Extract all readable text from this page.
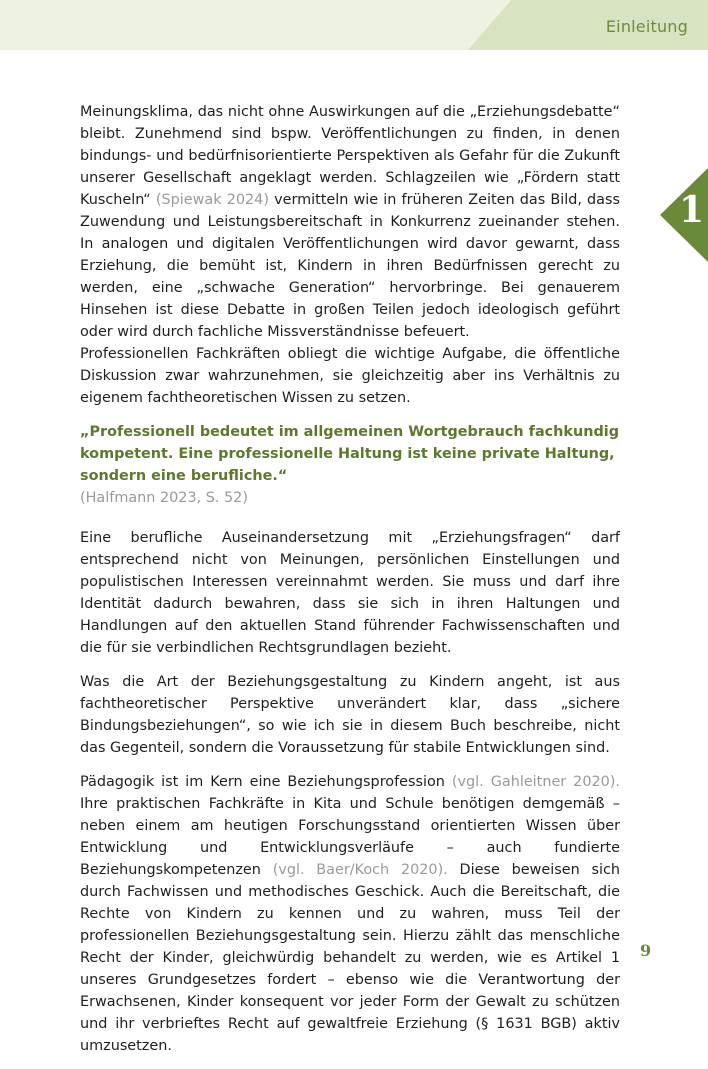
Einleitung
1

Meinungsklima, das nicht ohne Auswirkungen auf die „Erziehungsdebatte“ bleibt. Zunehmend sind bspw. Veröffentlichungen zu finden, in denen bindungs- und bedürfnisorientierte Perspektiven als Gefahr für die Zukunft unserer Gesellschaft angeklagt werden. Schlagzeilen wie „Fördern statt Kuscheln“ (Spiewak 2024) vermitteln wie in früheren Zeiten das Bild, dass Zuwendung und Leistungsbereitschaft in Konkurrenz zueinander stehen. In analogen und digitalen Veröffentlichungen wird davor gewarnt, dass Erziehung, die bemüht ist, Kindern in ihren Bedürfnissen gerecht zu werden, eine „schwache Generation“ hervorbringe. Bei genauerem Hinsehen ist diese Debatte in großen Teilen jedoch ideologisch geführt oder wird durch fachliche Missverständnisse befeuert.

Professionellen Fachkräften obliegt die wichtige Aufgabe, die öffentliche Diskussion zwar wahrzunehmen, sie gleichzeitig aber ins Verhältnis zu eigenem fachtheoretischen Wissen zu setzen.

„Professionell bedeutet im allgemeinen Wortgebrauch fachkundig kompetent. Eine professionelle Haltung ist keine private Haltung, sondern eine berufliche.“
(Halfmann 2023, S. 52)

Eine berufliche Auseinandersetzung mit „Erziehungsfragen“ darf entsprechend nicht von Meinungen, persönlichen Einstellungen und populistischen Interessen vereinnahmt werden. Sie muss und darf ihre Identität dadurch bewahren, dass sie sich in ihren Haltungen und Handlungen auf den aktuellen Stand führender Fachwissenschaften und die für sie verbindlichen Rechtsgrundlagen bezieht.

Was die Art der Beziehungsgestaltung zu Kindern angeht, ist aus fachtheoretischer Perspektive unverändert klar, dass „sichere Bindungsbeziehungen“, so wie ich sie in diesem Buch beschreibe, nicht das Gegenteil, sondern die Voraussetzung für stabile Entwicklungen sind.

Pädagogik ist im Kern eine Beziehungsprofession (vgl. Gahleitner 2020). Ihre praktischen Fachkräfte in Kita und Schule benötigen demgemäß – neben einem am heutigen Forschungsstand orientierten Wissen über Entwicklung und Entwicklungsverläufe – auch fundierte Beziehungskompetenzen (vgl. Baer/Koch 2020). Diese beweisen sich durch Fachwissen und methodisches Geschick. Auch die Bereitschaft, die Rechte von Kindern zu kennen und zu wahren, muss Teil der professionellen Beziehungsgestaltung sein. Hierzu zählt das menschliche Recht der Kinder, gleichwürdig behandelt zu werden, wie es Artikel 1 unseres Grundgesetzes fordert – ebenso wie die Verantwortung der Erwachsenen, Kinder konsequent vor jeder Form der Gewalt zu schützen und ihr verbrieftes Recht auf gewaltfreie Erziehung (§ 1631 BGB) aktiv umzusetzen.

9
